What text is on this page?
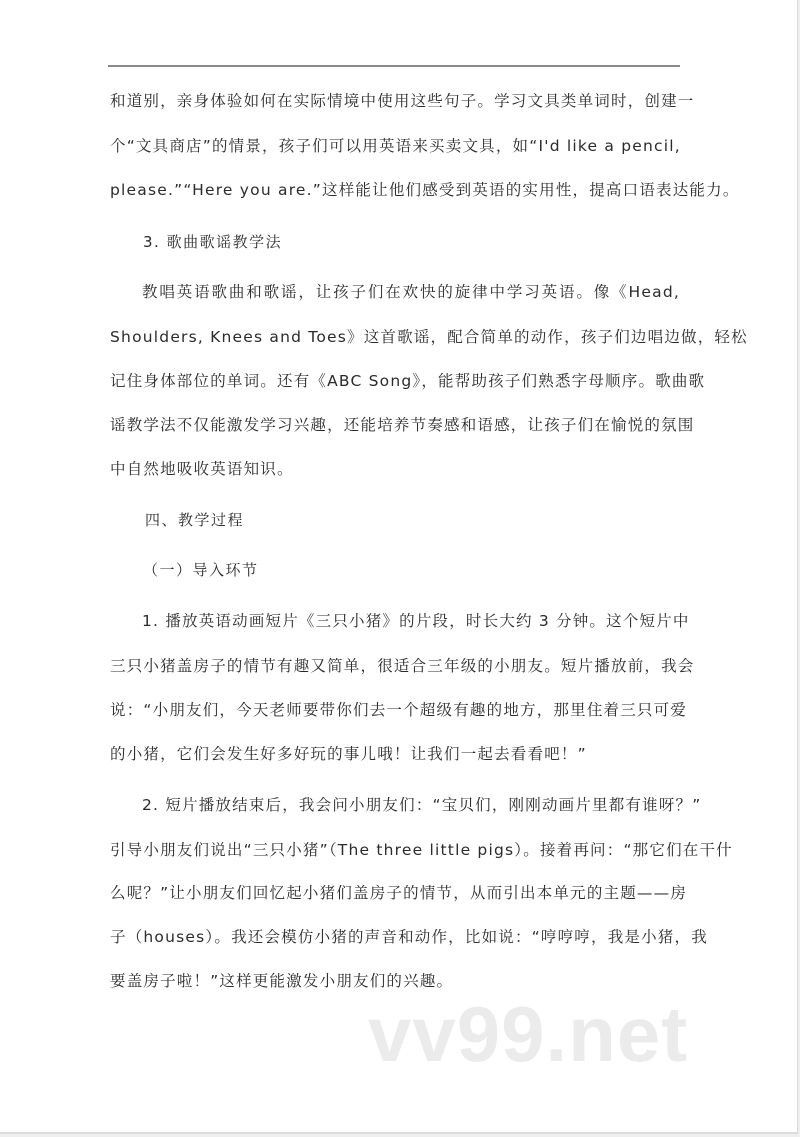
和道别，亲身体验如何在实际情境中使用这些句子。学习文具类单词时，创建一
个“文具商店”的情景，孩子们可以用英语来买卖文具，如“I'd like a pencil,
please.”“Here you are.”这样能让他们感受到英语的实用性，提高口语表达能力。
3. 歌曲歌谣教学法
教唱英语歌曲和歌谣，让孩子们在欢快的旋律中学习英语。像《Head,
Shoulders, Knees and Toes》这首歌谣，配合简单的动作，孩子们边唱边做，轻松
记住身体部位的单词。还有《ABC Song》，能帮助孩子们熟悉字母顺序。歌曲歌
谣教学法不仅能激发学习兴趣，还能培养节奏感和语感，让孩子们在愉悦的氛围
中自然地吸收英语知识。
四、教学过程
（一）导入环节
1. 播放英语动画短片《三只小猪》的片段，时长大约 3 分钟。这个短片中
三只小猪盖房子的情节有趣又简单，很适合三年级的小朋友。短片播放前，我会
说：“小朋友们，今天老师要带你们去一个超级有趣的地方，那里住着三只可爱
的小猪，它们会发生好多好玩的事儿哦！让我们一起去看看吧！”
2. 短片播放结束后，我会问小朋友们：“宝贝们，刚刚动画片里都有谁呀？”
引导小朋友们说出“三只小猪”（The three little pigs）。接着再问：“那它们在干什
么呢？”让小朋友们回忆起小猪们盖房子的情节，从而引出本单元的主题——房
子（houses）。我还会模仿小猪的声音和动作，比如说：“哼哼哼，我是小猪，我
要盖房子啦！”这样更能激发小朋友们的兴趣。
vv99.net
